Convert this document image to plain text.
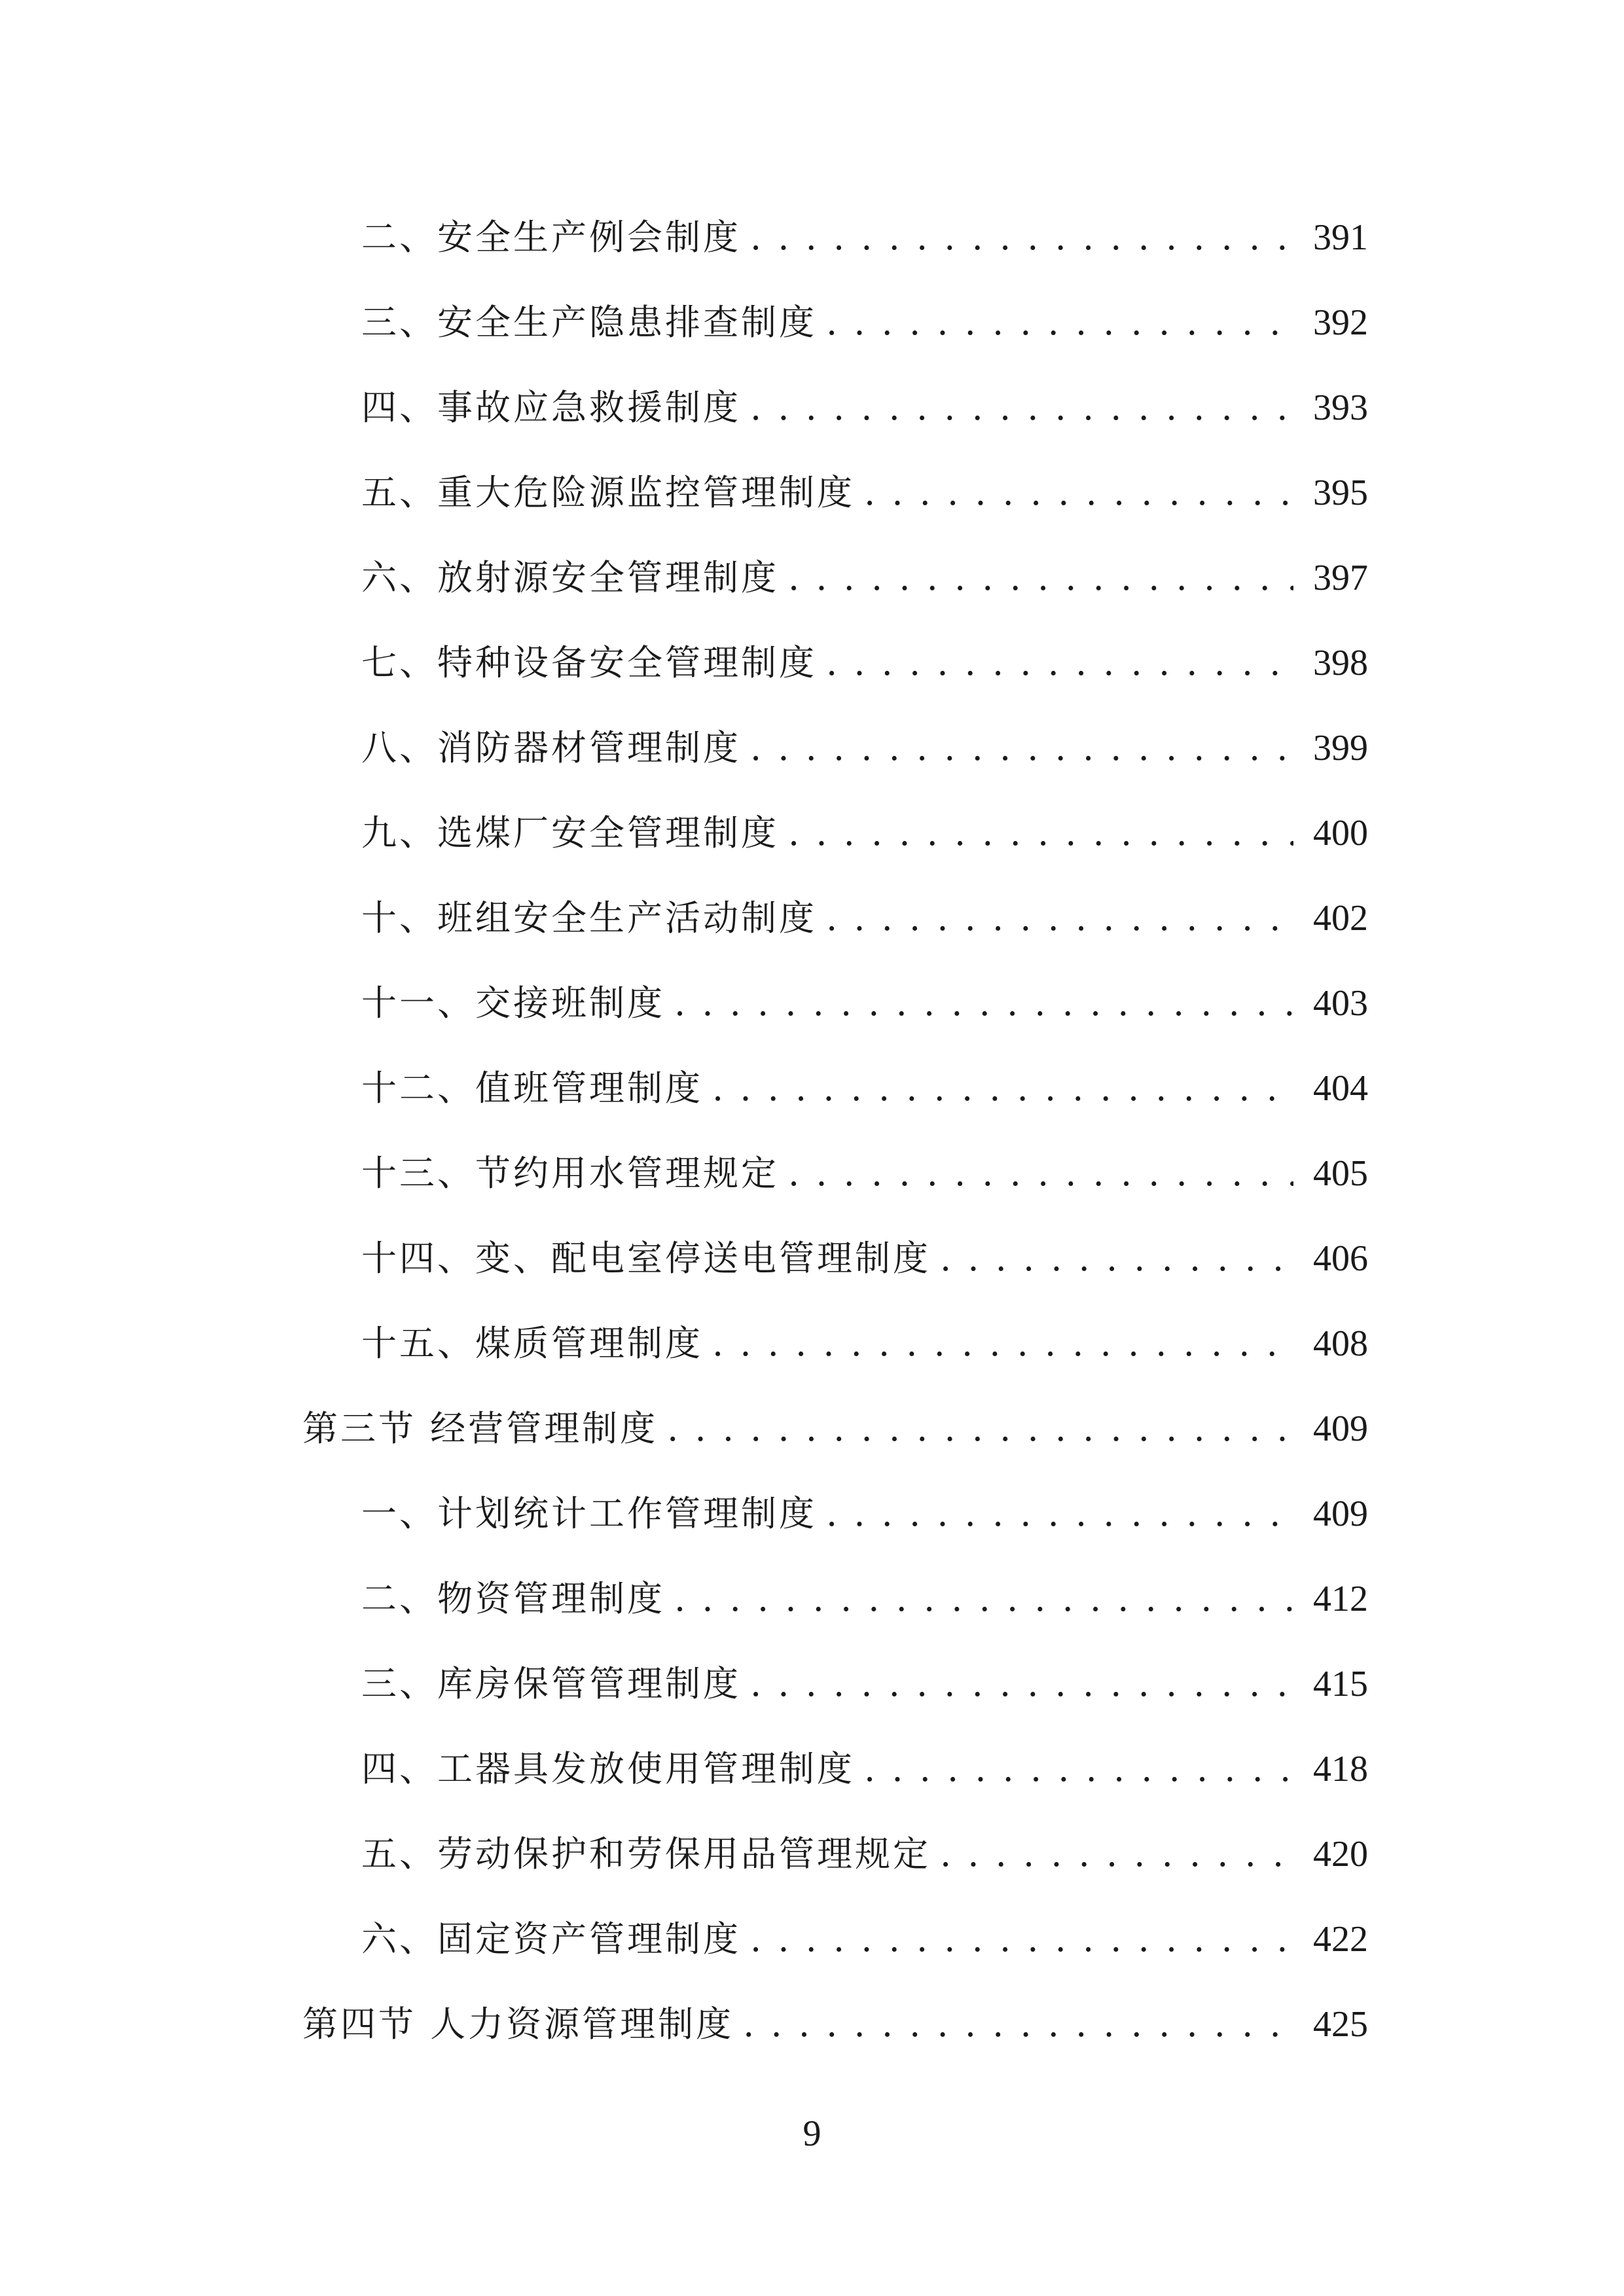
二、安全生产例会制度 . . .	391
三、安全生产隐患排查制度 . . .	392
四、事故应急救援制度 . . .	393
五、重大危险源监控管理制度 . . .	395
六、放射源安全管理制度 . . .	397
七、特种设备安全管理制度 . . .	398
八、消防器材管理制度 . . .	399
九、选煤厂安全管理制度 . . .	400
十、班组安全生产活动制度 . . .	402
十一、交接班制度 . . .	403
十二、值班管理制度 . . .	404
十三、节约用水管理规定 . . .	405
十四、变、配电室停送电管理制度 . . .	406
十五、煤质管理制度 . . .	408
第三节 经营管理制度 . . .	409
一、计划统计工作管理制度 . . .	409
二、物资管理制度 . . .	412
三、库房保管管理制度 . . .	415
四、工器具发放使用管理制度 . . .	418
五、劳动保护和劳保用品管理规定 . . .	420
六、固定资产管理制度 . . .	422
第四节 人力资源管理制度 . . .	425
9
